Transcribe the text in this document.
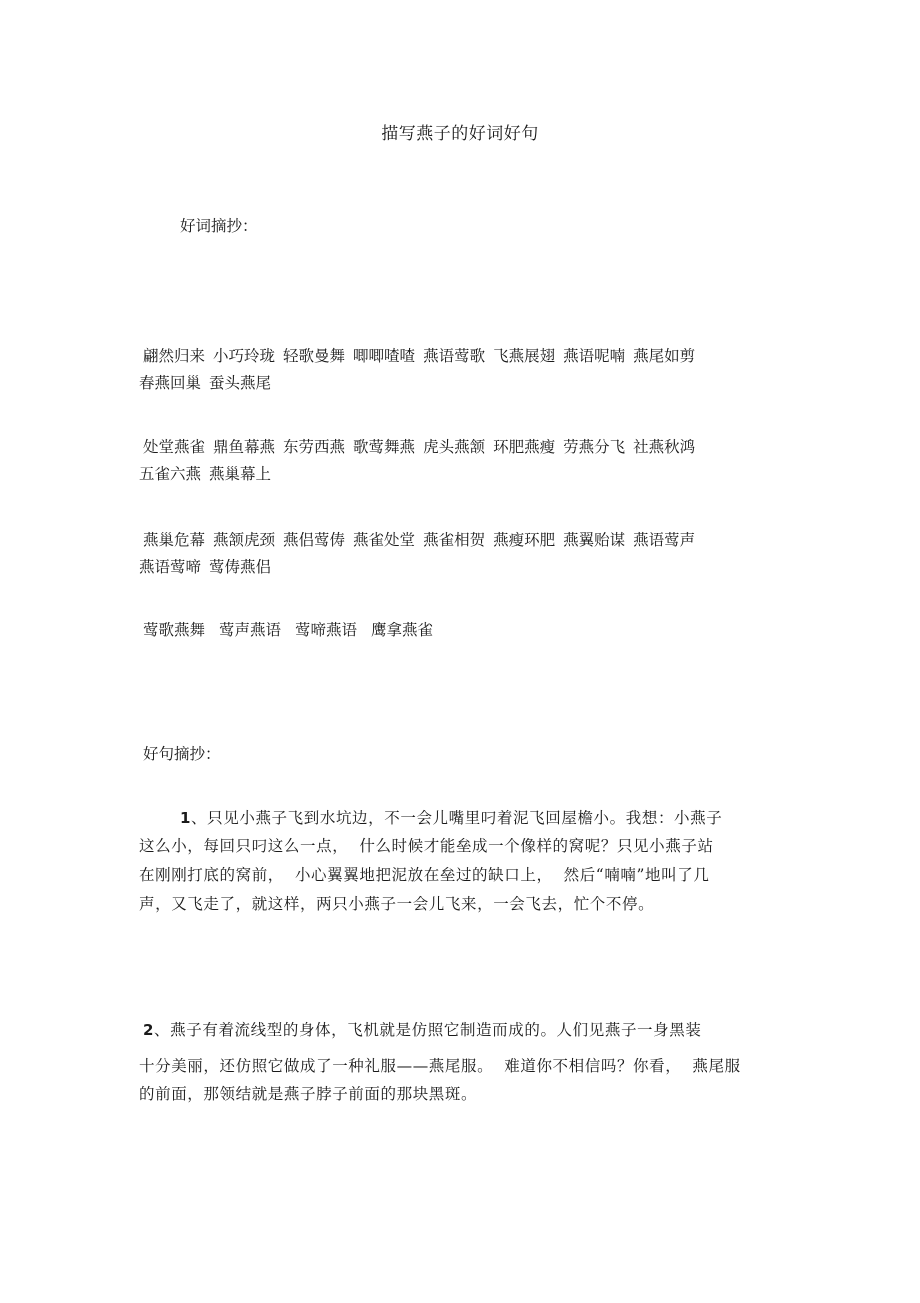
描写燕子的好词好句
好词摘抄：
翩然归来 小巧玲珑 轻歌曼舞 唧唧喳喳 燕语莺歌 飞燕展翅 燕语呢喃 燕尾如剪
春燕回巢 蚕头燕尾
处堂燕雀 鼎鱼幕燕 东劳西燕 歌莺舞燕 虎头燕颔 环肥燕瘦 劳燕分飞 社燕秋鸿
五雀六燕 燕巢幕上
燕巢危幕 燕颔虎颈 燕侣莺俦 燕雀处堂 燕雀相贺 燕瘦环肥 燕翼贻谋 燕语莺声
燕语莺啼 莺俦燕侣
莺歌燕舞 莺声燕语 莺啼燕语 鹰拿燕雀
好句摘抄：
1、只见小燕子飞到水坑边，不一会儿嘴里叼着泥飞回屋檐小。我想：小燕子
这么小，每回只叼这么一点，  什么时候才能垒成一个像样的窝呢？只见小燕子站
在刚刚打底的窝前，  小心翼翼地把泥放在垒过的缺口上，  然后“喃喃”地叫了几
声，又飞走了，就这样，两只小燕子一会儿飞来，一会飞去，忙个不停。
2、燕子有着流线型的身体，飞机就是仿照它制造而成的。人们见燕子一身黑装
十分美丽，还仿照它做成了一种礼服——燕尾服。  难道你不相信吗？你看，  燕尾服
的前面，那领结就是燕子脖子前面的那块黑斑。
